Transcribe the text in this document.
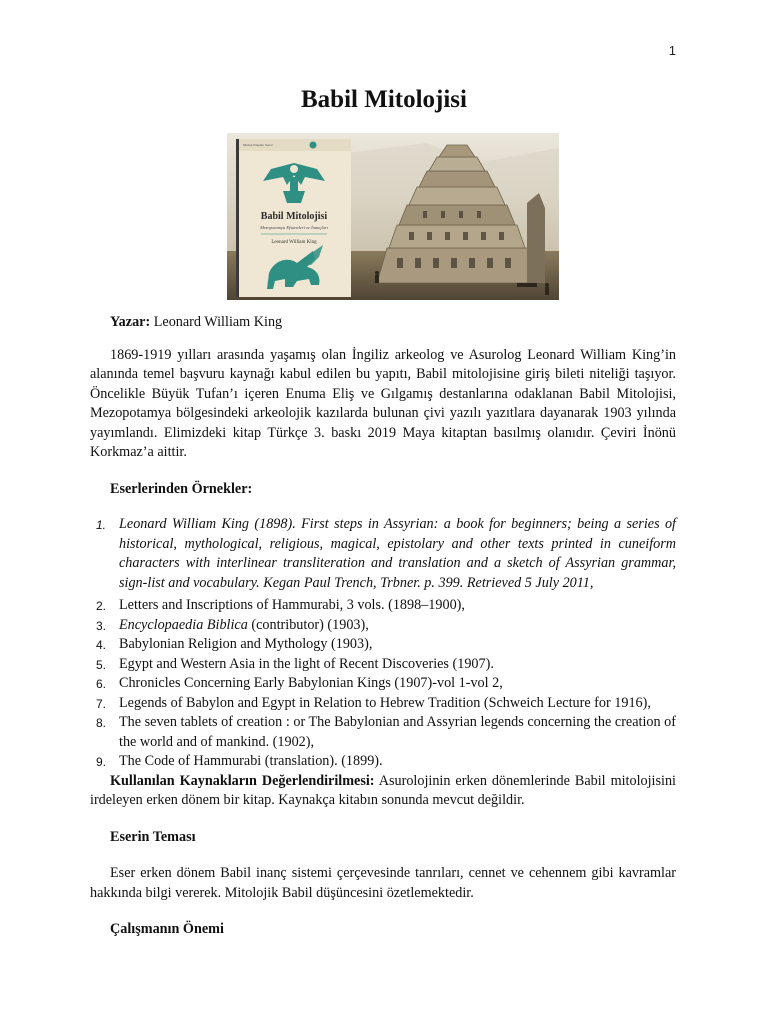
1
Babil Mitolojisi
Babil Mitolojisi
Mezopotamya Efsaneleri ve İnançları
Leonard William King
Mitoloji Kitapları Serisi

Yazar: Leonard William King

1869-1919 yılları arasında yaşamış olan İngiliz arkeolog ve Asurolog Leonard William King’in alanında temel başvuru kaynağı kabul edilen bu yapıtı, Babil mitolojisine giriş bileti niteliği taşıyor. Öncelikle Büyük Tufan’ı içeren Enuma Eliş ve Gılgamış destanlarına odaklanan Babil Mitolojisi, Mezopotamya bölgesindeki arkeolojik kazılarda bulunan çivi yazılı yazıtlara dayanarak 1903 yılında yayımlandı. Elimizdeki kitap Türkçe 3. baskı 2019 Maya kitaptan basılmış olanıdır. Çeviri İnönü Korkmaz’a aittir.

Eserlerinden Örnekler:

1. Leonard William King (1898). First steps in Assyrian: a book for beginners; being a series of historical, mythological, religious, magical, epistolary and other texts printed in cuneiform characters with interlinear transliteration and translation and a sketch of Assyrian grammar, sign-list and vocabulary. Kegan Paul Trench, Trbner. p. 399. Retrieved 5 July 2011,
2. Letters and Inscriptions of Hammurabi, 3 vols. (1898–1900),
3. Encyclopaedia Biblica (contributor) (1903),
4. Babylonian Religion and Mythology (1903),
5. Egypt and Western Asia in the light of Recent Discoveries (1907).
6. Chronicles Concerning Early Babylonian Kings (1907)-vol 1-vol 2,
7. Legends of Babylon and Egypt in Relation to Hebrew Tradition (Schweich Lecture for 1916),
8. The seven tablets of creation : or The Babylonian and Assyrian legends concerning the creation of the world and of mankind. (1902),
9. The Code of Hammurabi (translation). (1899).

Kullanılan Kaynakların Değerlendirilmesi: Asurolojinin erken dönemlerinde Babil mitolojisini irdeleyen erken dönem bir kitap. Kaynakça kitabın sonunda mevcut değildir.

Eserin Teması

Eser erken dönem Babil inanç sistemi çerçevesinde tanrıları, cennet ve cehennem gibi kavramlar hakkında bilgi vererek. Mitolojik Babil düşüncesini özetlemektedir.

Çalışmanın Önemi
